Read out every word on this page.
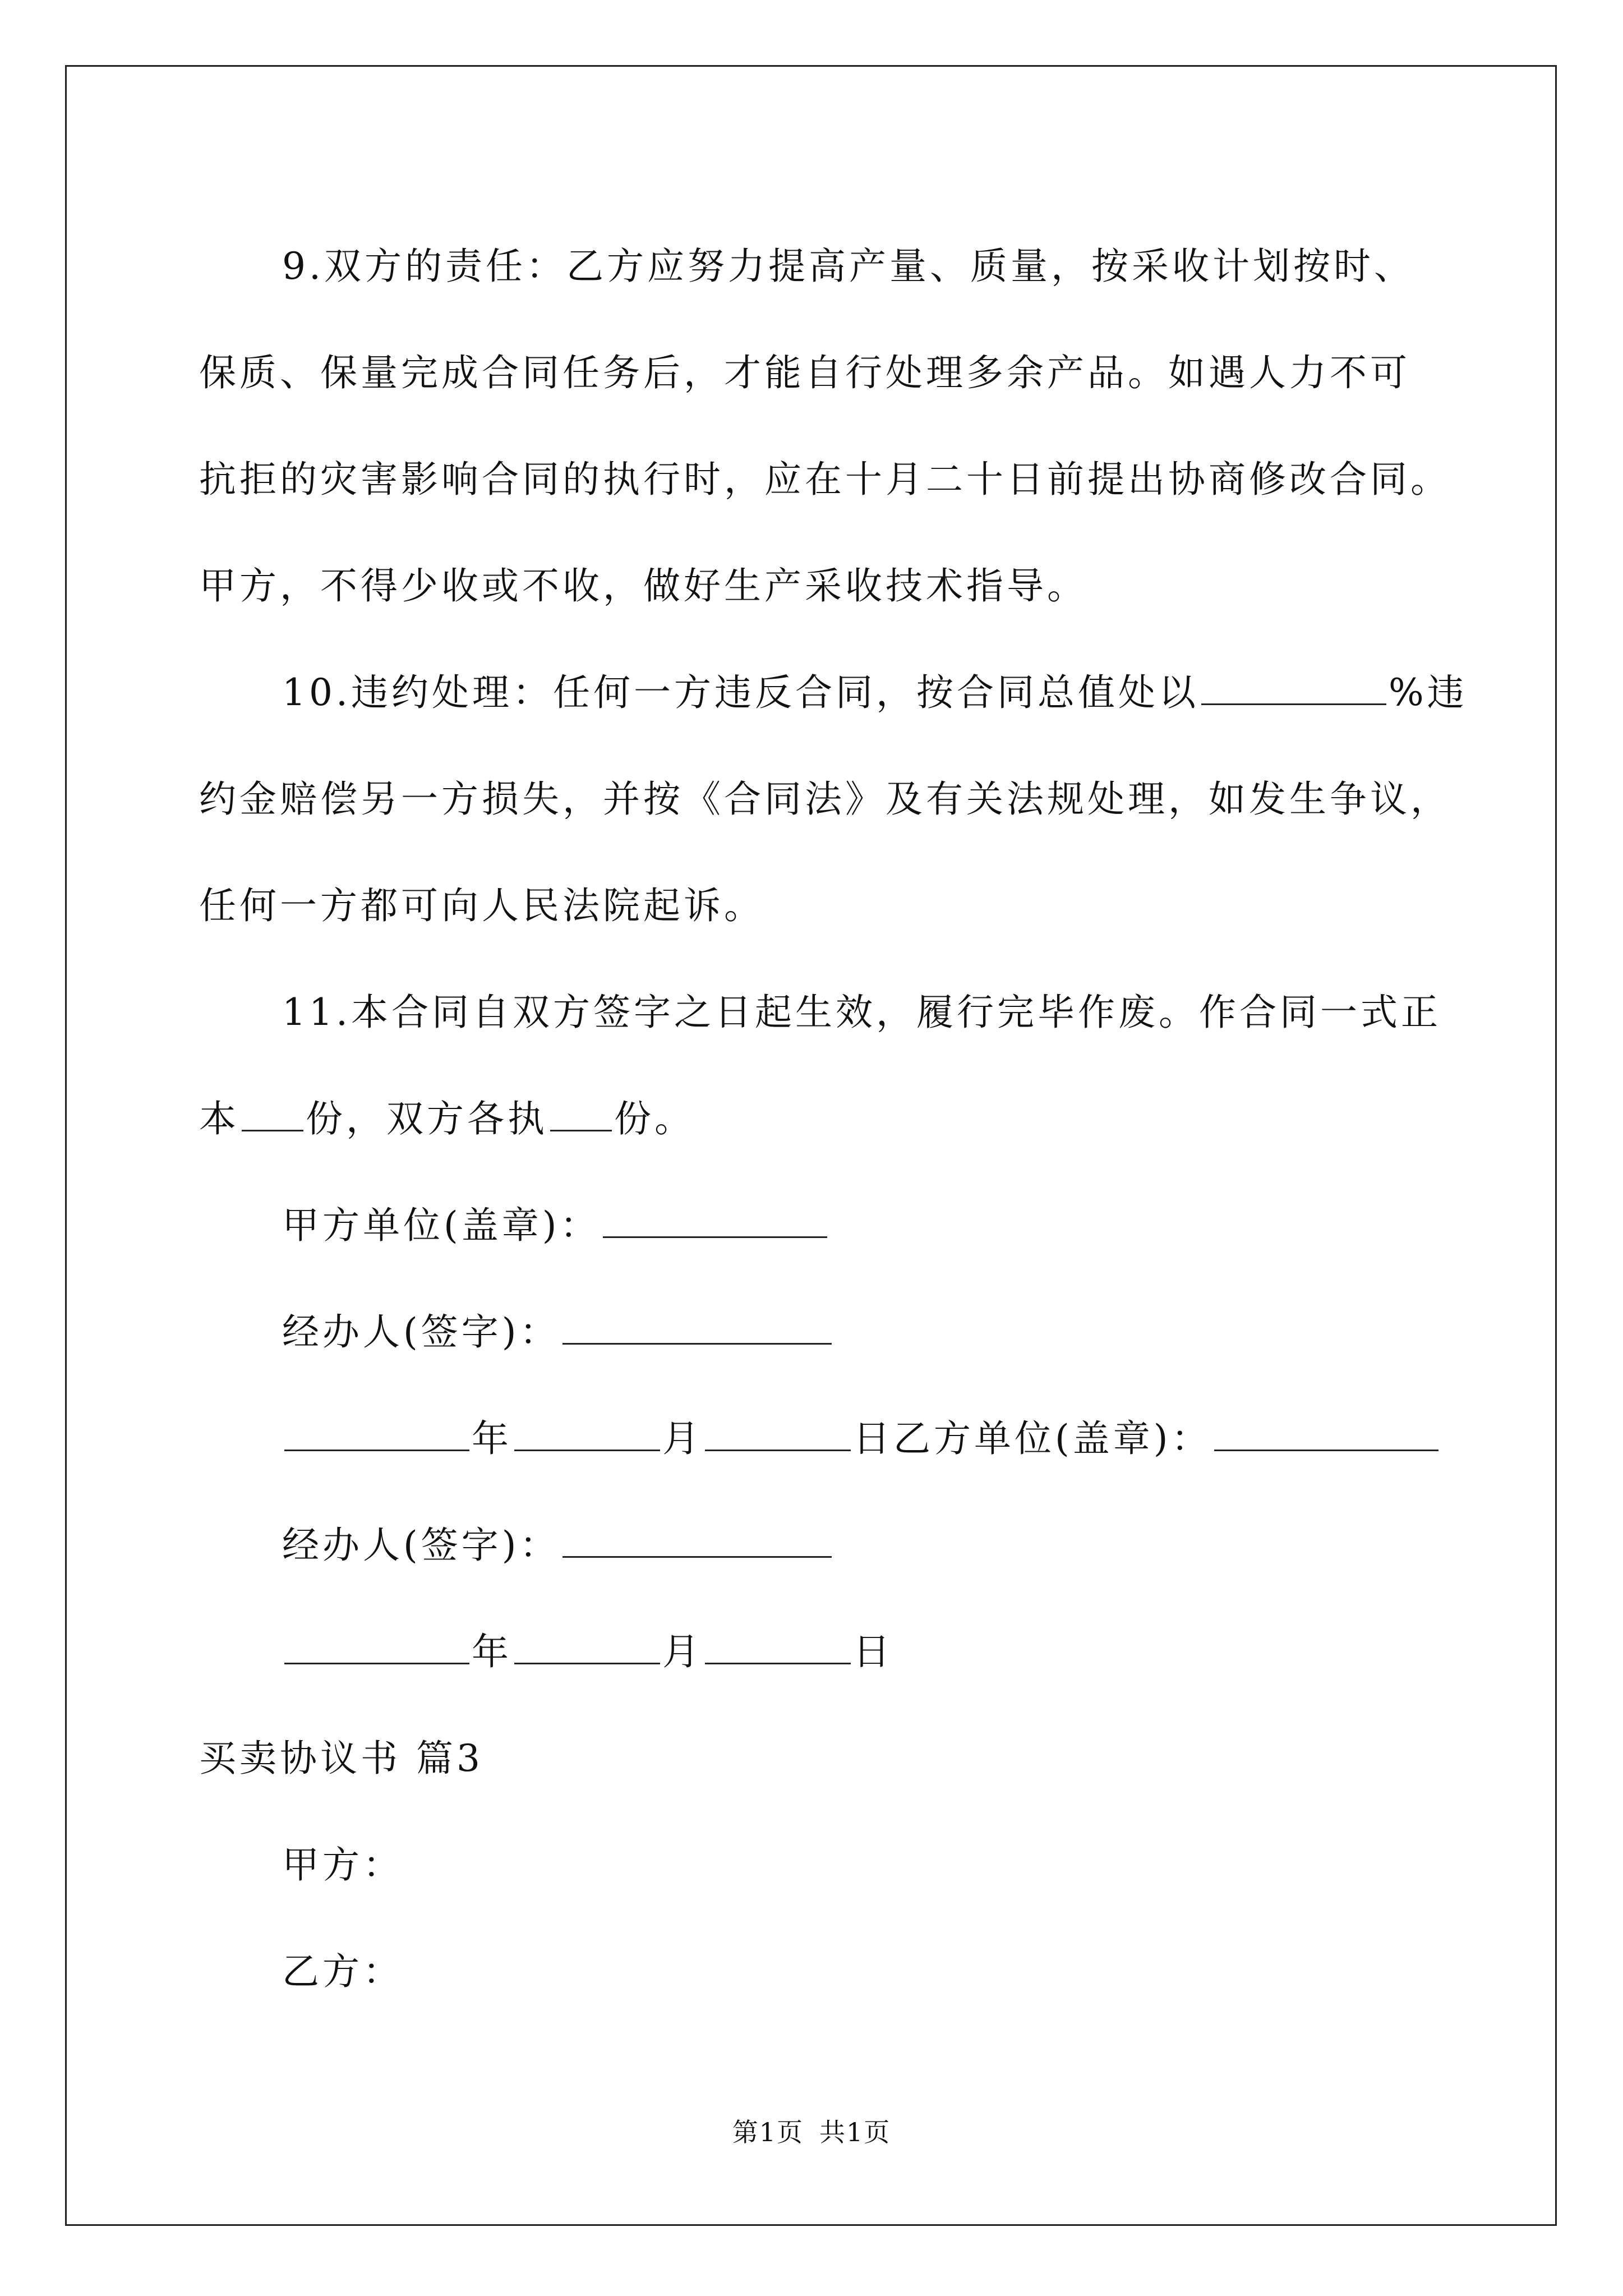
9.双方的责任：乙方应努力提高产量、质量，按采收计划按时、
保质、保量完成合同任务后，才能自行处理多余产品。如遇人力不可
抗拒的灾害影响合同的执行时，应在十月二十日前提出协商修改合同。
甲方，不得少收或不收，做好生产采收技术指导。
10.违约处理：任何一方违反合同，按合同总值处以	%违
约金赔偿另一方损失，并按《合同法》及有关法规处理，如发生争议，
任何一方都可向人民法院起诉。
11.本合同自双方签字之日起生效，履行完毕作废。作合同一式正
本 份，双方各执 份。
甲方单位(盖章)：
经办人(签字)：
年	月	日乙方单位(盖章)：
经办人(签字)：
年	月	日
买卖协议书 篇3
甲方：
乙方：
第1页 共1页
